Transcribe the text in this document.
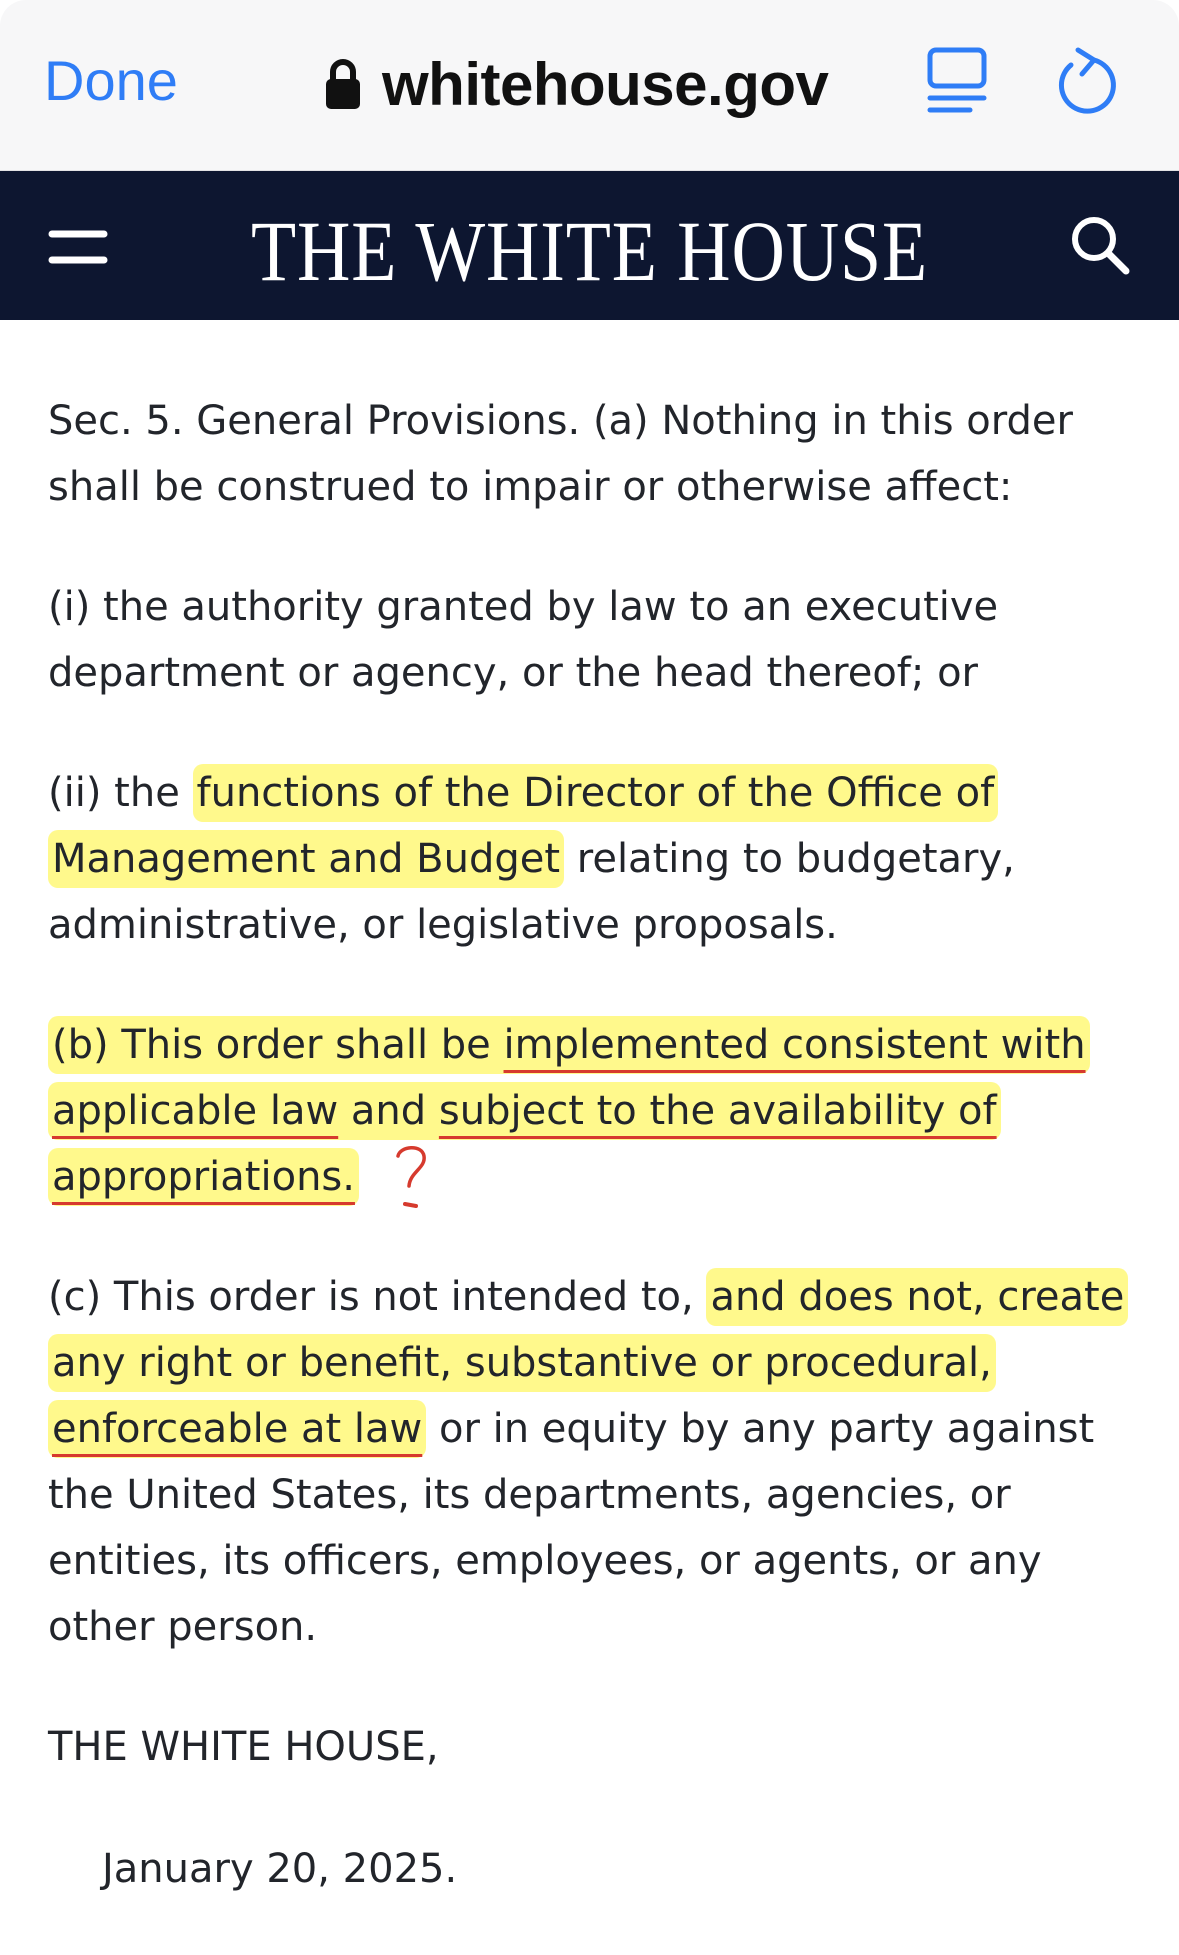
Done	whitehouse.gov
THE WHITE HOUSE

Sec. 5. General Provisions. (a) Nothing in this order
shall be construed to impair or otherwise affect:

(i) the authority granted by law to an executive
department or agency, or the head thereof; or

(ii) the functions of the Director of the Office of
Management and Budget relating to budgetary,
administrative, or legislative proposals.

(b) This order shall be implemented consistent with
applicable law and subject to the availability of
appropriations.

(c) This order is not intended to, and does not, create
any right or benefit, substantive or procedural,
enforceable at law or in equity by any party against
the United States, its departments, agencies, or
entities, its officers, employees, or agents, or any
other person.

THE WHITE HOUSE,

January 20, 2025.
